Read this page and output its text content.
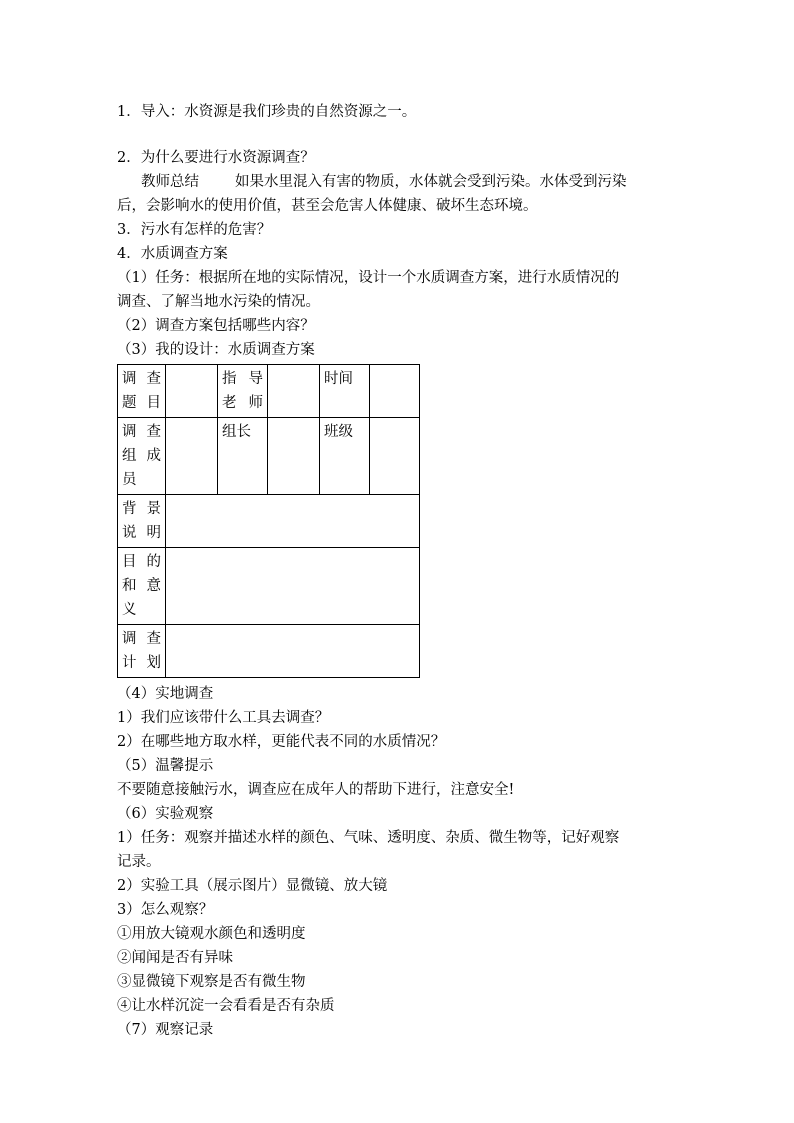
1．导入：水资源是我们珍贵的自然资源之一。
2．为什么要进行水资源调查？
教师总结 如果水里混入有害的物质，水体就会受到污染。水体受到污染
后，会影响水的使用价值，甚至会危害人体健康、破坏生态环境。
3．污水有怎样的危害？
4．水质调查方案
（1）任务：根据所在地的实际情况，设计一个水质调查方案，进行水质情况的
调查、了解当地水污染的情况。
（2）调查方案包括哪些内容？
（3）我的设计：水质调查方案
调查题目		指导老师		时间	
调查组成员		组长		班级	
背景说明					
目的和意义					
调查计划					
（4）实地调查
1）我们应该带什么工具去调查？
2）在哪些地方取水样，更能代表不同的水质情况？
（5）温馨提示
不要随意接触污水，调查应在成年人的帮助下进行，注意安全!
（6）实验观察
1）任务：观察并描述水样的颜色、气味、透明度、杂质、微生物等，记好观察
记录。
2）实验工具（展示图片）显微镜、放大镜
3）怎么观察？
①用放大镜观水颜色和透明度
②闻闻是否有异味
③显微镜下观察是否有微生物
④让水样沉淀一会看看是否有杂质
（7）观察记录
